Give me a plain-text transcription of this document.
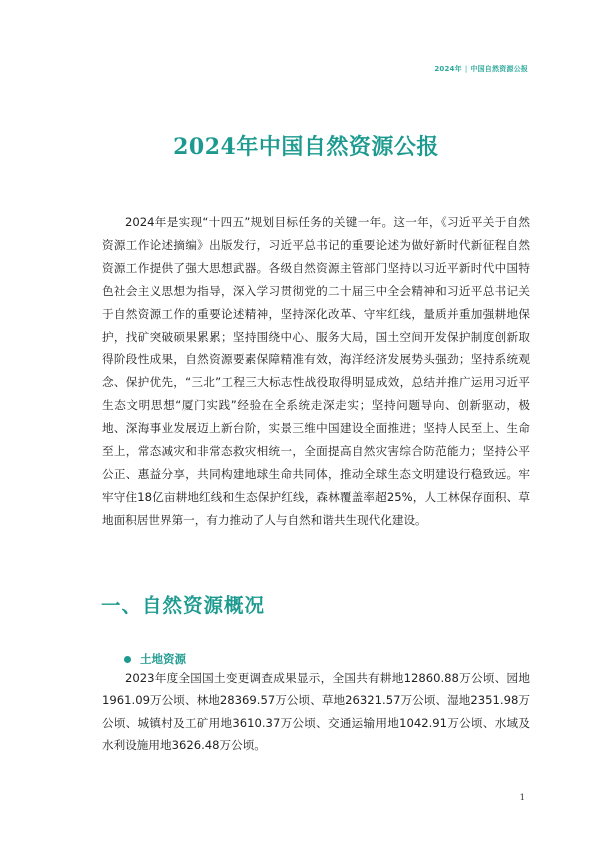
2024年 | 中国自然资源公报
2024年中国自然资源公报

2024年是实现“十四五”规划目标任务的关键一年。这一年，《习近平关于自然资源工作论述摘编》出版发行，习近平总书记的重要论述为做好新时代新征程自然资源工作提供了强大思想武器。各级自然资源主管部门坚持以习近平新时代中国特色社会主义思想为指导，深入学习贯彻党的二十届三中全会精神和习近平总书记关于自然资源工作的重要论述精神，坚持深化改革、守牢红线，量质并重加强耕地保护，找矿突破硕果累累；坚持围绕中心、服务大局，国土空间开发保护制度创新取得阶段性成果，自然资源要素保障精准有效，海洋经济发展势头强劲；坚持系统观念、保护优先，“三北”工程三大标志性战役取得明显成效，总结并推广运用习近平生态文明思想“厦门实践”经验在全系统走深走实；坚持问题导向、创新驱动，极地、深海事业发展迈上新台阶，实景三维中国建设全面推进；坚持人民至上、生命至上，常态减灾和非常态救灾相统一，全面提高自然灾害综合防范能力；坚持公平公正、惠益分享，共同构建地球生命共同体，推动全球生态文明建设行稳致远。牢牢守住18亿亩耕地红线和生态保护红线，森林覆盖率超25%，人工林保存面积、草地面积居世界第一，有力推动了人与自然和谐共生现代化建设。

一、自然资源概况
土地资源

2023年度全国国土变更调查成果显示，全国共有耕地12860.88万公顷、园地1961.09万公顷、林地28369.57万公顷、草地26321.57万公顷、湿地2351.98万公顷、城镇村及工矿用地3610.37万公顷、交通运输用地1042.91万公顷、水域及水利设施用地3626.48万公顷。

1
